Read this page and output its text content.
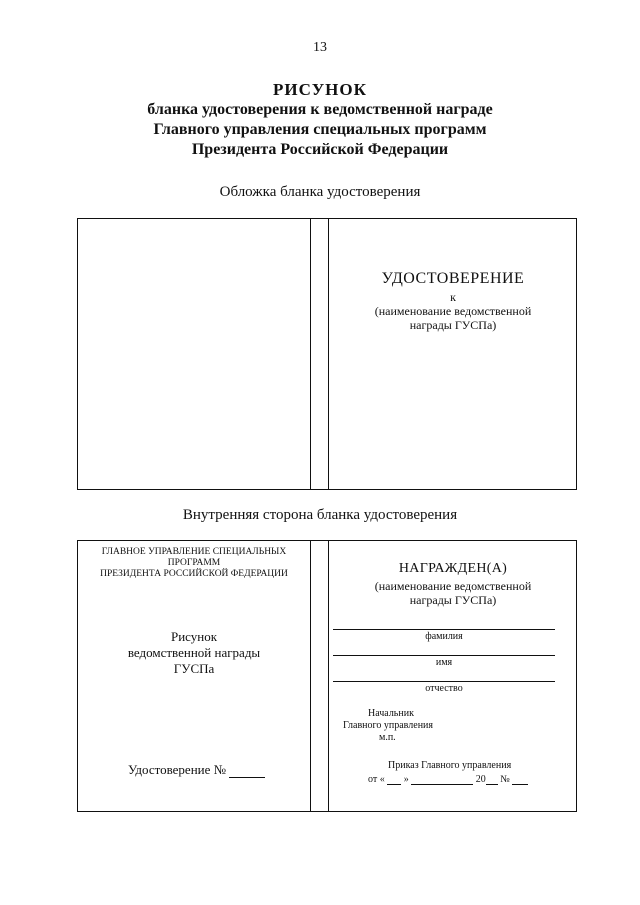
13
РИСУНОК
бланка удостоверения к ведомственной награде
Главного управления специальных программ
Президента Российской Федерации
Обложка бланка удостоверения
УДОСТОВЕРЕНИЕ
к
(наименование ведомственной
награды ГУСПа)
Внутренняя сторона бланка удостоверения
ГЛАВНОЕ УПРАВЛЕНИЕ СПЕЦИАЛЬНЫХ ПРОГРАММ
ПРЕЗИДЕНТА РОССИЙСКОЙ ФЕДЕРАЦИИ
Рисунок
ведомственной награды
ГУСПа
Удостоверение №
НАГРАЖДЕН(А)
(наименование ведомственной
награды ГУСПа)
фамилия
имя
отчество
Начальник
Главного управления
м.п.
Приказ Главного управления
от « »	20 №
